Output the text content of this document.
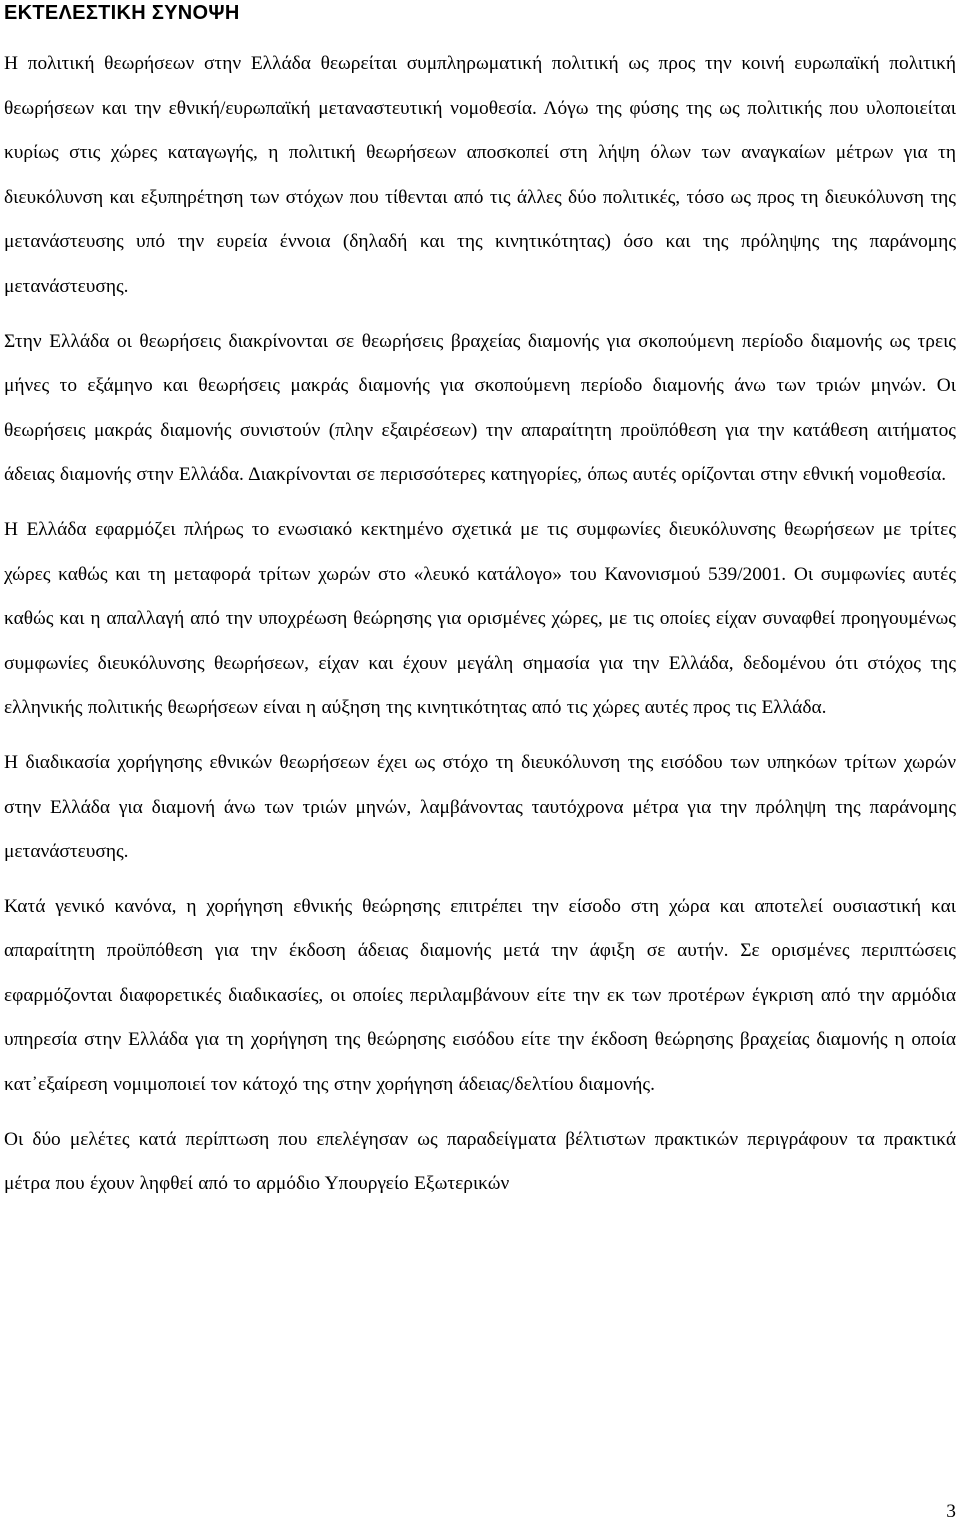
ΕΚΤΕΛΕΣΤΙΚΗ ΣΥΝΟΨΗ

Η πολιτική θεωρήσεων στην Ελλάδα θεωρείται συμπληρωματική πολιτική ως προς την κοινή ευρωπαϊκή πολιτική θεωρήσεων και την εθνική/ευρωπαϊκή μεταναστευτική νομοθεσία. Λόγω της φύσης της ως πολιτικής που υλοποιείται κυρίως στις χώρες καταγωγής, η πολιτική θεωρήσεων αποσκοπεί στη λήψη όλων των αναγκαίων μέτρων για τη διευκόλυνση και εξυπηρέτηση των στόχων που τίθενται από τις άλλες δύο πολιτικές, τόσο ως προς τη διευκόλυνση της μετανάστευσης υπό την ευρεία έννοια (δηλαδή και της κινητικότητας) όσο και της πρόληψης της παράνομης μετανάστευσης.

Στην Ελλάδα οι θεωρήσεις διακρίνονται σε θεωρήσεις βραχείας διαμονής για σκοπούμενη περίοδο διαμονής ως τρεις μήνες το εξάμηνο και θεωρήσεις μακράς διαμονής για σκοπούμενη περίοδο διαμονής άνω των τριών μηνών. Οι θεωρήσεις μακράς διαμονής συνιστούν (πλην εξαιρέσεων) την απαραίτητη προϋπόθεση για την κατάθεση αιτήματος άδειας διαμονής στην Ελλάδα. Διακρίνονται σε περισσότερες κατηγορίες, όπως αυτές ορίζονται στην εθνική νομοθεσία.

Η Ελλάδα εφαρμόζει πλήρως το ενωσιακό κεκτημένο σχετικά με τις συμφωνίες διευκόλυνσης θεωρήσεων με τρίτες χώρες καθώς και τη μεταφορά τρίτων χωρών στο «λευκό κατάλογο» του Κανονισμού 539/2001. Οι συμφωνίες αυτές καθώς και η απαλλαγή από την υποχρέωση θεώρησης για ορισμένες χώρες, με τις οποίες είχαν συναφθεί προηγουμένως συμφωνίες διευκόλυνσης θεωρήσεων, είχαν και έχουν μεγάλη σημασία για την Ελλάδα, δεδομένου ότι στόχος της ελληνικής πολιτικής θεωρήσεων είναι η αύξηση της κινητικότητας από τις χώρες αυτές προς τις Ελλάδα.

Η διαδικασία χορήγησης εθνικών θεωρήσεων έχει ως στόχο τη διευκόλυνση της εισόδου των υπηκόων τρίτων χωρών στην Ελλάδα για διαμονή άνω των τριών μηνών, λαμβάνοντας ταυτόχρονα μέτρα για την πρόληψη της παράνομης μετανάστευσης.

Κατά γενικό κανόνα, η χορήγηση εθνικής θεώρησης επιτρέπει την είσοδο στη χώρα και αποτελεί ουσιαστική και απαραίτητη προϋπόθεση για την έκδοση άδειας διαμονής μετά την άφιξη σε αυτήν. Σε ορισμένες περιπτώσεις εφαρμόζονται διαφορετικές διαδικασίες, οι οποίες περιλαμβάνουν είτε την εκ των προτέρων έγκριση από την αρμόδια υπηρεσία στην Ελλάδα για τη χορήγηση της θεώρησης εισόδου είτε την έκδοση θεώρησης βραχείας διαμονής η οποία κατ᾽εξαίρεση νομιμοποιεί τον κάτοχό της στην χορήγηση άδειας/δελτίου διαμονής.

Οι δύο μελέτες κατά περίπτωση που επελέγησαν ως παραδείγματα βέλτιστων πρακτικών περιγράφουν τα πρακτικά μέτρα που έχουν ληφθεί από το αρμόδιο Υπουργείο Εξωτερικών

3
